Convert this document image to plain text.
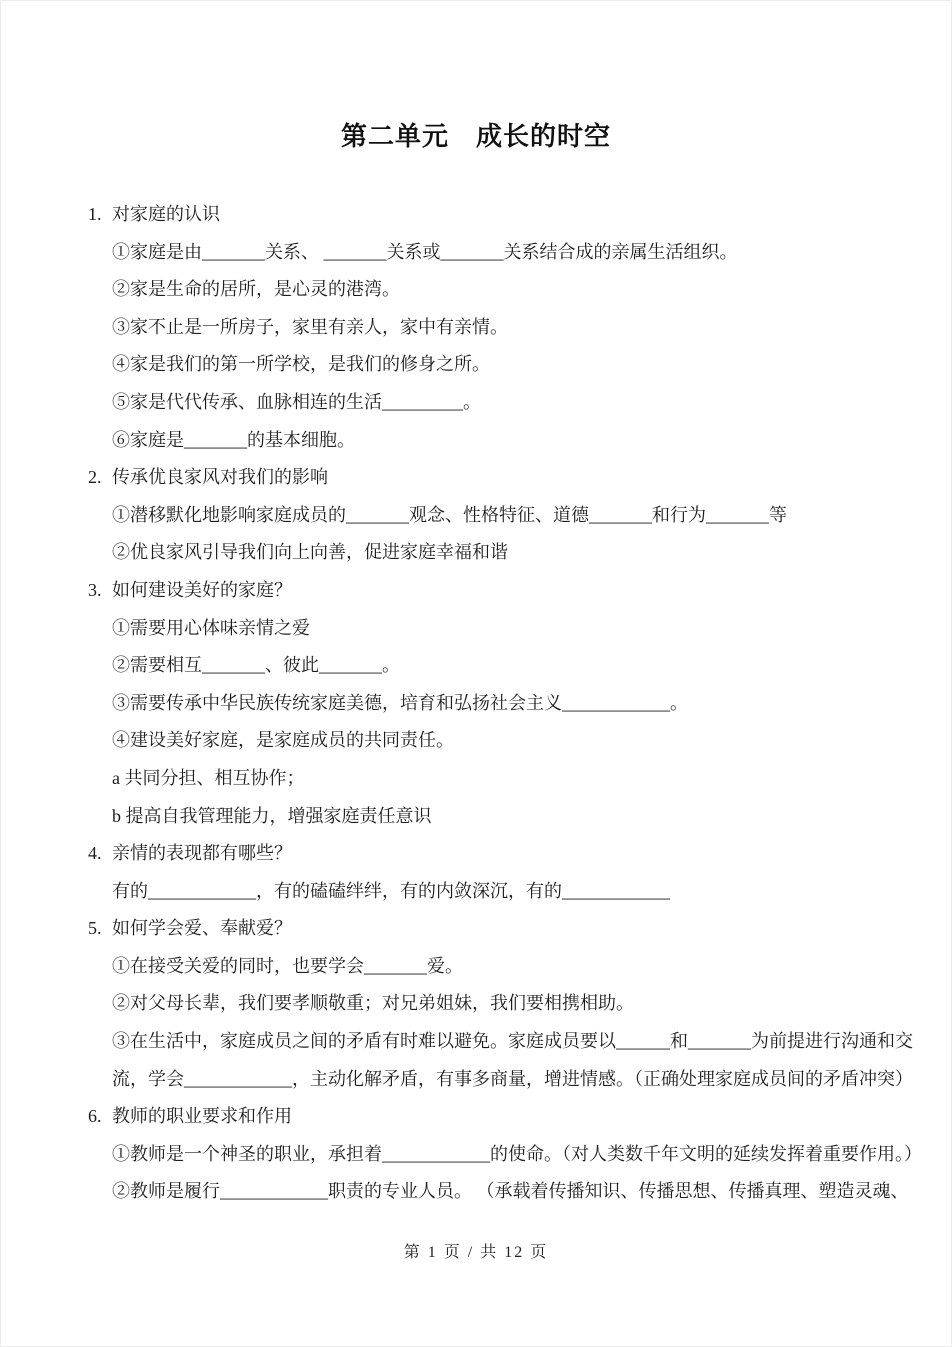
第二单元　成长的时空

1. 对家庭的认识

①家庭是由_______关系、 _______关系或_______关系结合成的亲属生活组织。

②家是生命的居所，是心灵的港湾。

③家不止是一所房子，家里有亲人，家中有亲情。

④家是我们的第一所学校，是我们的修身之所。

⑤家是代代传承、血脉相连的生活_________。

⑥家庭是_______的基本细胞。

2. 传承优良家风对我们的影响

①潜移默化地影响家庭成员的_______观念、性格特征、道德_______和行为_______等

②优良家风引导我们向上向善，促进家庭幸福和谐

3. 如何建设美好的家庭？

①需要用心体味亲情之爱

②需要相互_______、彼此_______。

③需要传承中华民族传统家庭美德，培育和弘扬社会主义____________。

④建设美好家庭，是家庭成员的共同责任。

a 共同分担、相互协作；

b 提高自我管理能力，增强家庭责任意识

4. 亲情的表现都有哪些？

有的____________，有的磕磕绊绊，有的内敛深沉，有的____________

5. 如何学会爱、奉献爱？

①在接受关爱的同时，也要学会_______爱。

②对父母长辈，我们要孝顺敬重；对兄弟姐妹，我们要相携相助。

③在生活中，家庭成员之间的矛盾有时难以避免。家庭成员要以______和_______为前提进行沟通和交流，学会____________，主动化解矛盾，有事多商量，增进情感。（正确处理家庭成员间的矛盾冲突）

6. 教师的职业要求和作用

①教师是一个神圣的职业，承担着____________的使命。（对人类数千年文明的延续发挥着重要作用。）

②教师是履行____________职责的专业人员。 （承载着传播知识、传播思想、传播真理、塑造灵魂、

第 1 页 / 共 12 页
